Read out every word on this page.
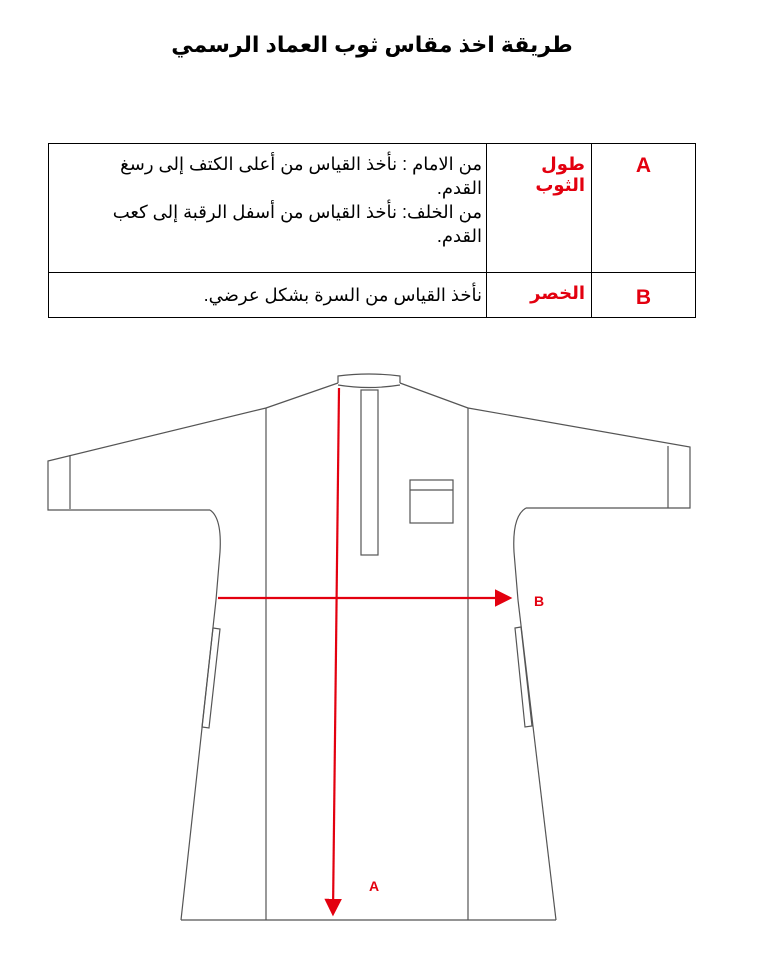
طريقة اخذ مقاس ثوب العماد الرسمي
A	طول الثوب	من الامام : نأخذ القياس من أعلى الكتف إلى رسغ
القدم.
من الخلف: نأخذ القياس من أسفل الرقبة إلى كعب
القدم.

B	الخصر	نأخذ القياس من السرة بشكل عرضي.
B
A
